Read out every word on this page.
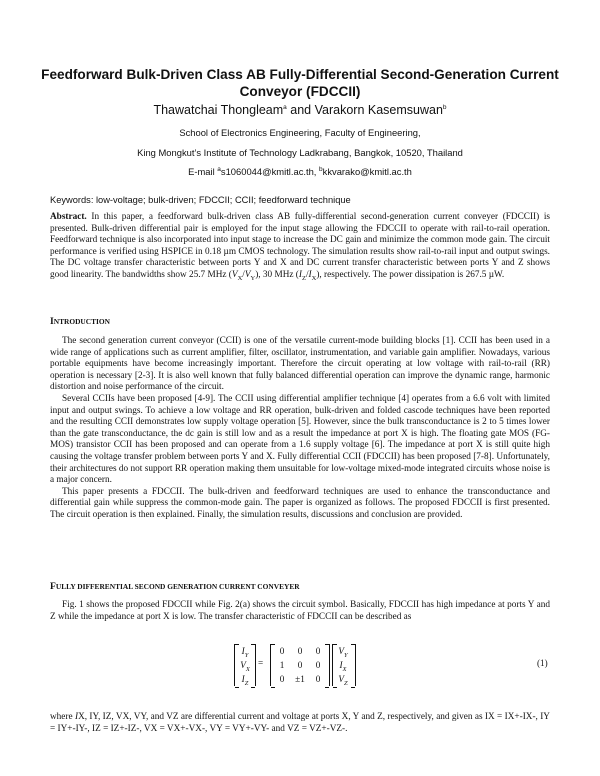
Feedforward Bulk-Driven Class AB Fully-Differential Second-Generation Current Conveyor (FDCCII)
Thawatchai Thongleam$^a$ and Varakorn Kasemsuwan$^b$
School of Electronics Engineering, Faculty of Engineering,
King Mongkut’s Institute of Technology Ladkrabang, Bangkok, 10520, Thailand
E-mail $^a$s1060044@kmitl.ac.th, $^b$kkvarako@kmitl.ac.th
Keywords: low-voltage; bulk-driven; FDCCII; CCII; feedforward technique
Abstract. In this paper, a feedforward bulk-driven class AB fully-differential second-generation current conveyer (FDCCII) is presented. Bulk-driven differential pair is employed for the input stage allowing the FDCCII to operate with rail-to-rail operation. Feedforward technique is also incorporated into input stage to increase the DC gain and minimize the common mode gain. The circuit performance is verified using HSPICE in 0.18 µm CMOS technology. The simulation results show rail-to-rail input and output swings. The DC voltage transfer characteristic between ports Y and X and DC current transfer characteristic between ports Y and Z shows good linearity. The bandwidths show 25.7 MHz $(V_X/V_Y)$, 30 MHz $(I_Z/I_X)$, respectively. The power dissipation is 267.5 µW.
INTRODUCTION

The second generation current conveyor (CCII) is one of the versatile current-mode building blocks [1]. CCII has been used in a wide range of applications such as current amplifier, filter, oscillator, instrumentation, and variable gain amplifier. Nowadays, various portable equipments have become increasingly important. Therefore the circuit operating at low voltage with rail-to-rail (RR) operation is necessary [2-3]. It is also well known that fully balanced differential operation can improve the dynamic range, harmonic distortion and noise performance of the circuit.

Several CCIIs have been proposed [4-9]. The CCII using differential amplifier technique [4] operates from a 6.6 volt with limited input and output swings. To achieve a low voltage and RR operation, bulk-driven and folded cascode techniques have been reported and the resulting CCII demonstrates low supply voltage operation [5]. However, since the bulk transconductance is 2 to 5 times lower than the gate transconductance, the dc gain is still low and as a result the impedance at port X is high. The floating gate MOS (FG-MOS) transistor CCII has been proposed and can operate from a 1.6 supply voltage [6]. The impedance at port X is still quite high causing the voltage transfer problem between ports Y and X. Fully differential CCII (FDCCII) has been proposed [7-8]. Unfortunately, their architectures do not support RR operation making them unsuitable for low-voltage mixed-mode integrated circuits whose noise is a major concern.

This paper presents a FDCCII. The bulk-driven and feedforward techniques are used to enhance the transconductance and differential gain while suppress the common-mode gain. The paper is organized as follows. The proposed FDCCII is first presented. The circuit operation is then explained. Finally, the simulation results, discussions and conclusion are provided.

FULLY DIFFERENTIAL SECOND GENERATION CURRENT CONVEYER

Fig. 1 shows the proposed FDCCII while Fig. 2(a) shows the circuit symbol. Basically, FDCCII has high impedance at ports Y and Z while the impedance at port X is low. The transfer characteristic of FDCCII can be described as

$I_Y$
$V_X$
$I_Z$
=
0	0	0
1	0	0
0	±1	0
$V_Y$
$I_X$
$V_Z$
(1)
where IX, IY, IZ, VX, VY, and VZ are differential current and voltage at ports X, Y and Z, respectively, and given as IX = IX+-IX-, IY = IY+-IY-, IZ = IZ+-IZ-, VX = VX+-VX-, VY = VY+-VY- and VZ = VZ+-VZ-.
